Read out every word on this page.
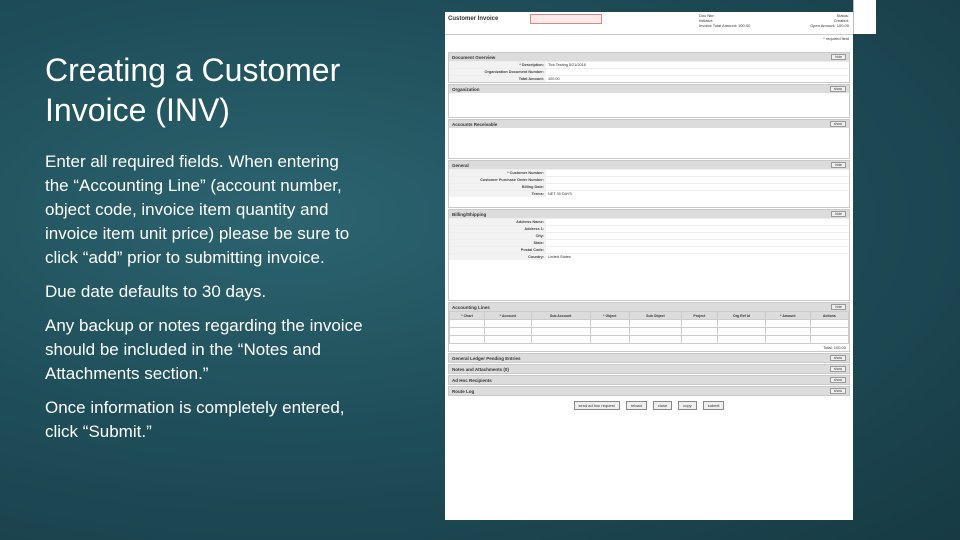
Creating a Customer Invoice (INV)

Enter all required fields. When entering the “Accounting Line” (account number, object code, invoice item quantity and invoice item unit price) please be sure to click “add” prior to submitting invoice.

Due date defaults to 30 days.

Any backup or notes regarding the invoice should be included in the “Notes and Attachments section.”

Once information is completely entered, click “Submit.”

Customer Invoice
Doc Nbr:	Status:
Initiator:	Created:
Invoice Total Amount: 100.00	Open Amount: 100.00
* required field
Document Overview	hide
* Description:	Tick Testing 5/21/2018
Organization Document Number:
Total Amount:	100.00
Organization	show
Accounts Receivable	show
General	hide
* Customer Number:
Customer Purchase Order Number:
Billing Date:
Terms:	NET 30 DAYS
Billing/Shipping	hide
Address Name:
Address 1:
City:
State:
Postal Code:
Country:	United States
Accounting Lines	hide
* Chart	* Account	Sub Account	* Object	Sub Object	Project	Org Ref Id	* Amount	Actions

Total: 100.00
General Ledger Pending Entries	show
Notes and Attachments (0)	show
Ad Hoc Recipients	show
Route Log	show
send ad hoc request	reload	close	copy	submit
